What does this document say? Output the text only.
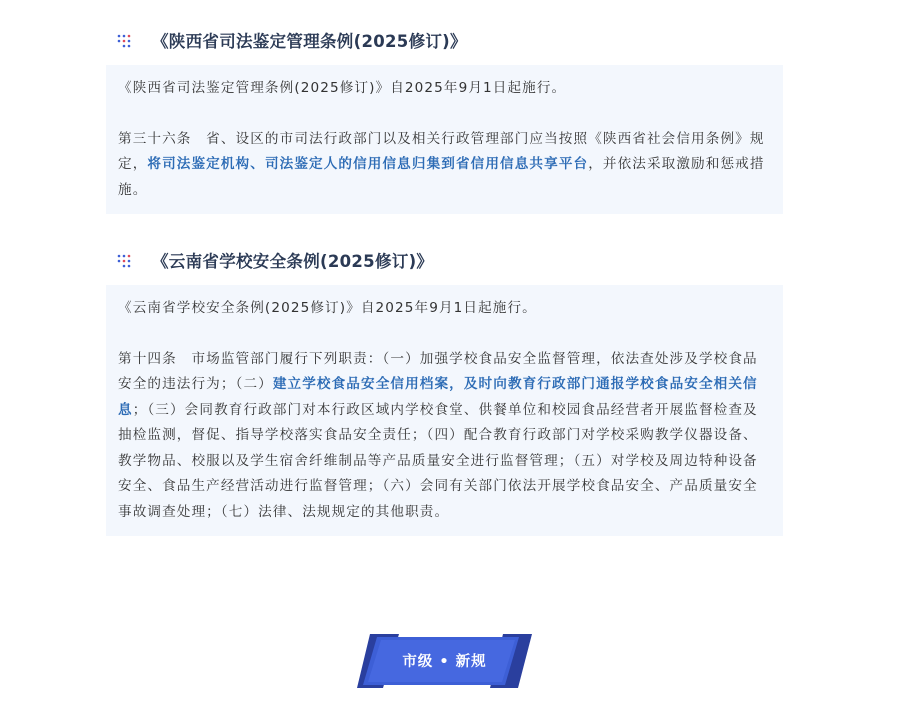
《陕西省司法鉴定管理条例(2025修订)》

《陕西省司法鉴定管理条例(2025修订)》自2025年9月1日起施行。

第三十六条　省、设区的市司法行政部门以及相关行政管理部门应当按照《陕西省社会信用条例》规定，将司法鉴定机构、司法鉴定人的信用信息归集到省信用信息共享平台，并依法采取激励和惩戒措施。

《云南省学校安全条例(2025修订)》

《云南省学校安全条例(2025修订)》自2025年9月1日起施行。

第十四条　市场监管部门履行下列职责：（一）加强学校食品安全监督管理，依法查处涉及学校食品安全的违法行为；（二）建立学校食品安全信用档案，及时向教育行政部门通报学校食品安全相关信息；（三）会同教育行政部门对本行政区域内学校食堂、供餐单位和校园食品经营者开展监督检查及抽检监测，督促、指导学校落实食品安全责任；（四）配合教育行政部门对学校采购教学仪器设备、教学物品、校服以及学生宿舍纤维制品等产品质量安全进行监督管理；（五）对学校及周边特种设备安全、食品生产经营活动进行监督管理；（六）会同有关部门依法开展学校食品安全、产品质量安全事故调查处理；（七）法律、法规规定的其他职责。

市级 • 新规
